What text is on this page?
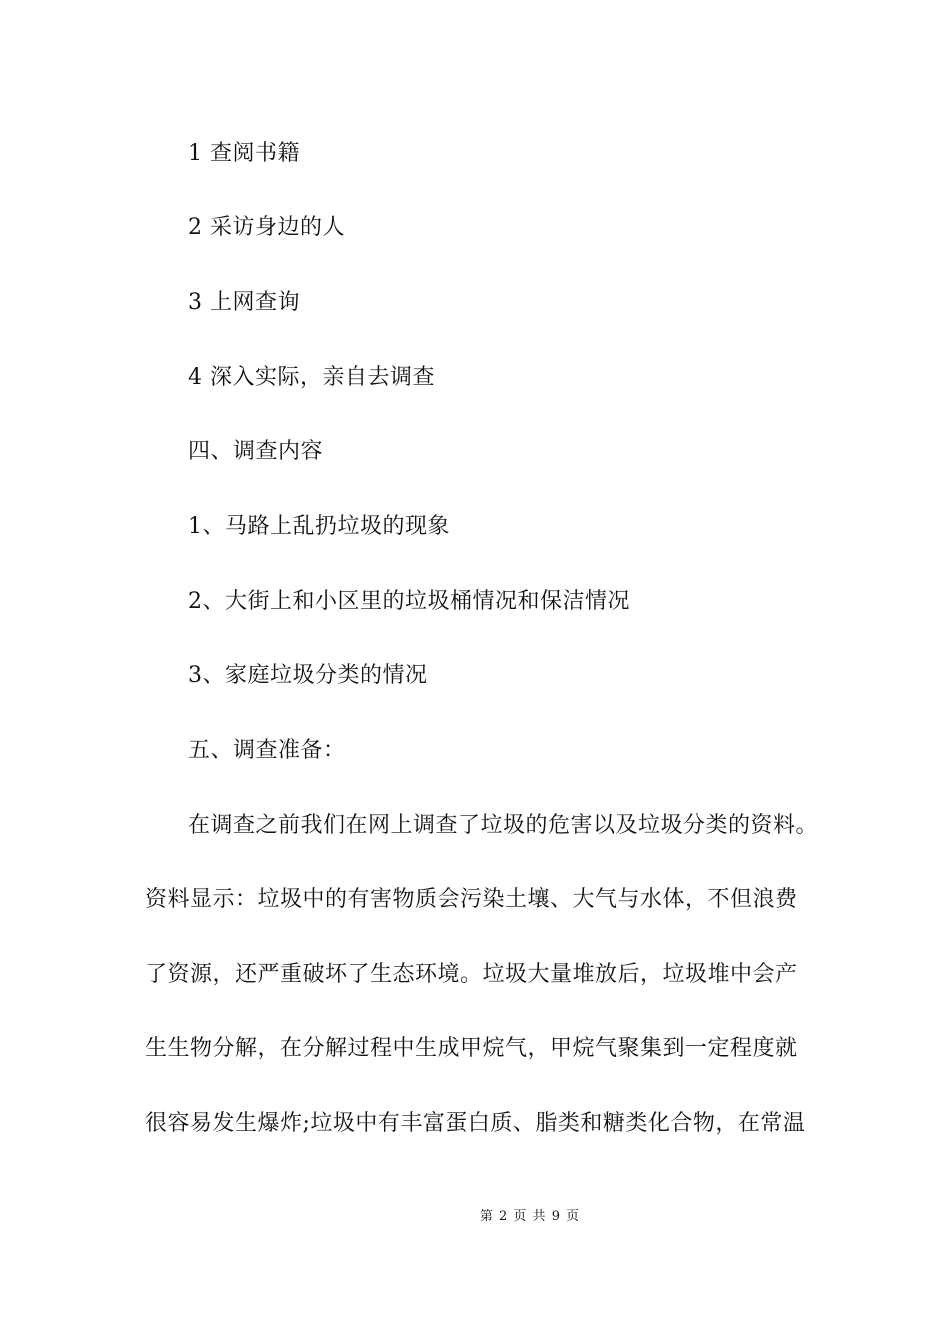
1 查阅书籍
2 采访身边的人
3 上网查询
4 深入实际，亲自去调查
四、调查内容
1、马路上乱扔垃圾的现象
2、大街上和小区里的垃圾桶情况和保洁情况
3、家庭垃圾分类的情况
五、调查准备：
在调查之前我们在网上调查了垃圾的危害以及垃圾分类的资料。
资料显示：垃圾中的有害物质会污染土壤、大气与水体，不但浪费
了资源，还严重破坏了生态环境。垃圾大量堆放后，垃圾堆中会产
生生物分解，在分解过程中生成甲烷气，甲烷气聚集到一定程度就
很容易发生爆炸;垃圾中有丰富蛋白质、脂类和糖类化合物，在常温
第 2 页 共 9 页
